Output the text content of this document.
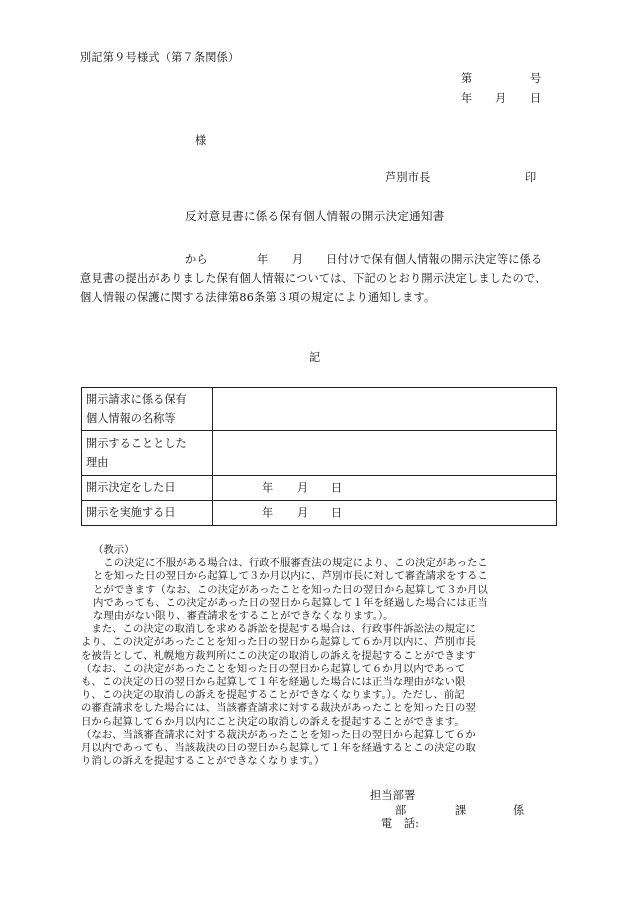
別記第９号様式（第７条関係）
第	号
年 月 日
様
芦別市長	印
反対意見書に係る保有個人情報の開示決定通知書
から	年 月 日付けで保有個人情報の開示決定等に係る
意見書の提出がありました保有個人情報については、下記のとおり開示決定しましたので、
個人情報の保護に関する法律第86条第３項の規定により通知します。
記
開示請求に係る保有
個人情報の名称等	

開示することとした
理由	

開示決定をした日	年 月 日

開示を実施する日	年 月 日

（教示）

　この決定に不服がある場合は、行政不服審査法の規定により、この決定があったこ

とを知った日の翌日から起算して３か月以内に、芦別市長に対して審査請求をするこ

とができます（なお、この決定があったことを知った日の翌日から起算して３か月以

内であっても、この決定があった日の翌日から起算して１年を経過した場合には正当

な理由がない限り、審査請求をすることができなくなります。）。

　また、この決定の取消しを求める訴訟を提起する場合は、行政事件訴訟法の規定に

より、この決定があったことを知った日の翌日から起算して６か月以内に、芦別市長

を被告として、札幌地方裁判所にこの決定の取消しの訴えを提起することができます

（なお、この決定があったことを知った日の翌日から起算して６か月以内であって

も、この決定の日の翌日から起算して１年を経過した場合には正当な理由がない限

り、この決定の取消しの訴えを提起することができなくなります。）。ただし、前記

の審査請求をした場合には、当該審査請求に対する裁決があったことを知った日の翌

日から起算して６か月以内にこと決定の取消しの訴えを提起することができます。

（なお、当該審査請求に対する裁決があったことを知った日の翌日から起算して６か

月以内であっても、当該裁決の日の翌日から起算して１年を経過するとこの決定の取

り消しの訴えを提起することができなくなります。）

担当部署
部	課	係
電　話:
